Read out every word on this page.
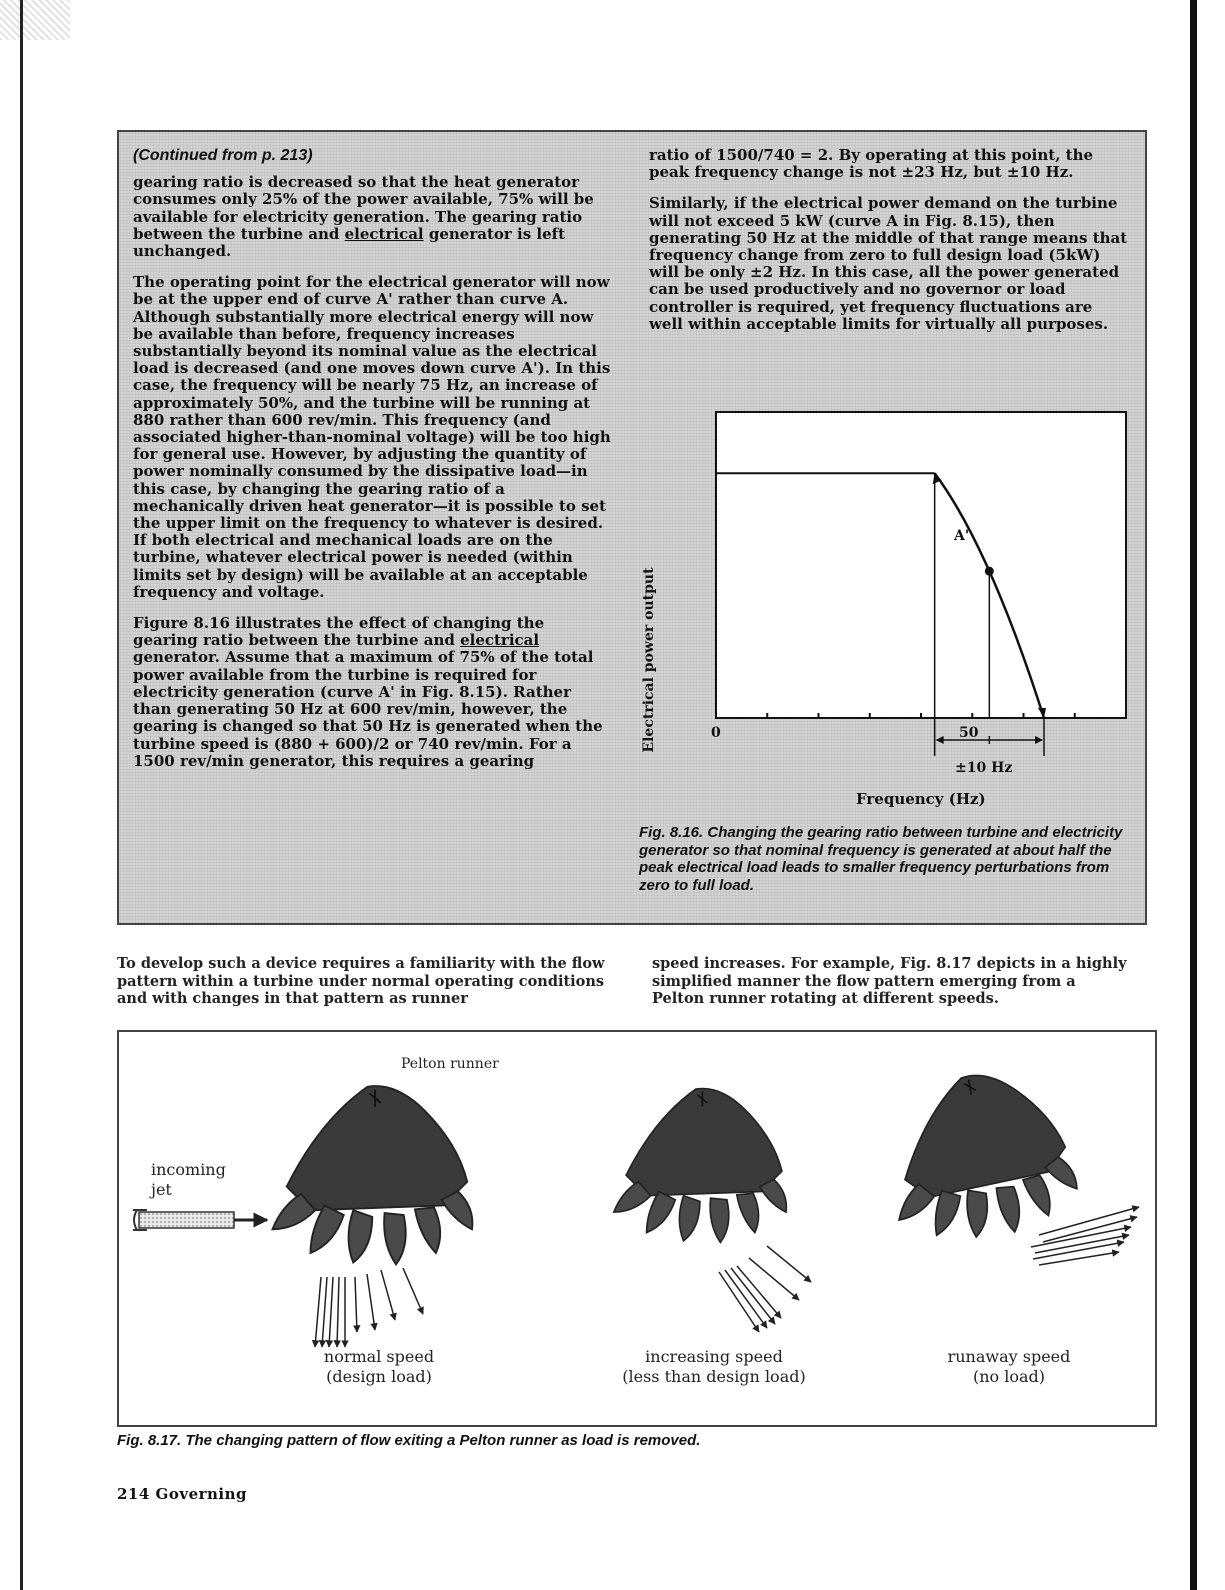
(Continued from p. 213)

gearing ratio is decreased so that the heat generator consumes only 25% of the power available, 75% will be available for electricity generation. The gearing ratio between the turbine and electrical generator is left unchanged.

The operating point for the electrical generator will now be at the upper end of curve A' rather than curve A. Although substantially more electrical energy will now be available than before, frequency increases substantially beyond its nominal value as the electrical load is decreased (and one moves down curve A'). In this case, the frequency will be nearly 75 Hz, an increase of approximately 50%, and the turbine will be running at 880 rather than 600 rev/min. This frequency (and associated higher-than-nominal voltage) will be too high for general use. However, by adjusting the quantity of power nominally consumed by the dissipative load—in this case, by changing the gearing ratio of a mechanically driven heat generator—it is possible to set the upper limit on the frequency to whatever is desired. If both electrical and mechanical loads are on the turbine, whatever electrical power is needed (within limits set by design) will be available at an acceptable frequency and voltage.

Figure 8.16 illustrates the effect of changing the gearing ratio between the turbine and electrical generator. Assume that a maximum of 75% of the total power available from the turbine is required for electricity generation (curve A' in Fig. 8.15). Rather than generating 50 Hz at 600 rev/min, however, the gearing is changed so that 50 Hz is generated when the turbine speed is (880 + 600)/2 or 740 rev/min. For a 1500 rev/min generator, this requires a gearing

ratio of 1500/740 = 2. By operating at this point, the peak frequency change is not ±23 Hz, but ±10 Hz.

Similarly, if the electrical power demand on the turbine will not exceed 5 kW (curve A in Fig. 8.15), then generating 50 Hz at the middle of that range means that frequency change from zero to full design load (5kW) will be only ±2 Hz. In this case, all the power generated can be used productively and no governor or load controller is required, yet frequency fluctuations are well within acceptable limits for virtually all purposes.

Electrical power output	0	50
±10 Hz
Frequency (Hz)
A'
Fig. 8.16. Changing the gearing ratio between turbine and electricity generator so that nominal frequency is generated at about half the peak electrical load leads to smaller frequency perturbations from zero to full load.
To develop such a device requires a familiarity with the flow pattern within a turbine under normal operating conditions and with changes in that pattern as runner
speed increases. For example, Fig. 8.17 depicts in a highly simplified manner the flow pattern emerging from a Pelton runner rotating at different speeds.
Pelton runner
incoming
jet
normal speed
(design load)
increasing speed
(less than design load)
runaway speed
(no load)
Fig. 8.17. The changing pattern of flow exiting a Pelton runner as load is removed.
214 Governing
